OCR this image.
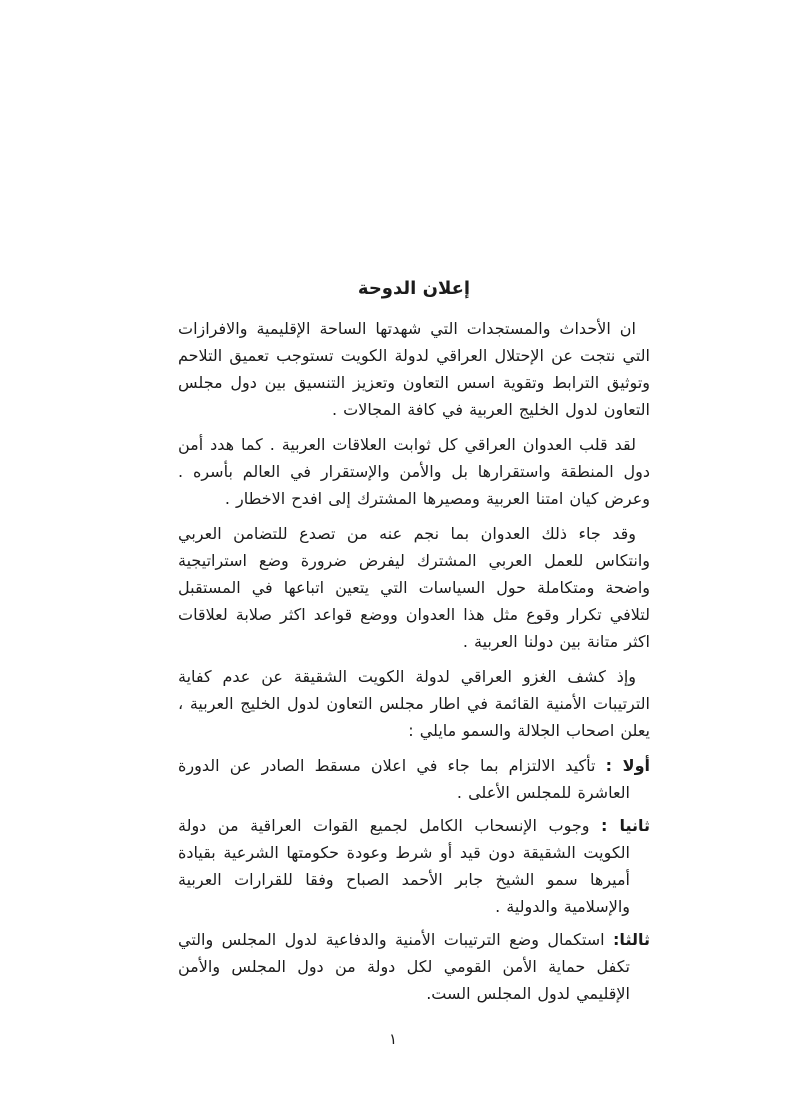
إعلان الدوحة

ان الأحداث والمستجدات التي شهدتها الساحة الإقليمية والافرازات التي نتجت عن الإحتلال العراقي لدولة الكويت تستوجب تعميق التلاحم وتوثيق الترابط وتقوية اسس التعاون وتعزيز التنسيق بين دول مجلس التعاون لدول الخليج العربية في كافة المجالات .

لقد قلب العدوان العراقي كل ثوابت العلاقات العربية . كما هدد أمن دول المنطقة واستقرارها بل والأمن والإستقرار في العالم بأسره . وعرض كيان امتنا العربية ومصيرها المشترك إلى افدح الاخطار .

وقد جاء ذلك العدوان بما نجم عنه من تصدع للتضامن العربي وانتكاس للعمل العربي المشترك ليفرض ضرورة وضع استراتيجية واضحة ومتكاملة حول السياسات التي يتعين اتباعها في المستقبل لتلافي تكرار وقوع مثل هذا العدوان ووضع قواعد اكثر صلابة لعلاقات اكثر متانة بين دولنا العربية .

وإذ كشف الغزو العراقي لدولة الكويت الشقيقة عن عدم كفاية الترتيبات الأمنية القائمة في اطار مجلس التعاون لدول الخليج العربية ، يعلن اصحاب الجلالة والسمو مايلي :

أولا : تأكيد الالتزام بما جاء في اعلان مسقط الصادر عن الدورة العاشرة للمجلس الأعلى .

ثانيا : وجوب الإنسحاب الكامل لجميع القوات العراقية من دولة الكويت الشقيقة دون قيد أو شرط وعودة حكومتها الشرعية بقيادة أميرها سمو الشيخ جابر الأحمد الصباح وفقا للقرارات العربية والإسلامية والدولية .

ثالثا: استكمال وضع الترتيبات الأمنية والدفاعية لدول المجلس والتي تكفل حماية الأمن القومي لكل دولة من دول المجلس والأمن الإقليمي لدول المجلس الست.

١
